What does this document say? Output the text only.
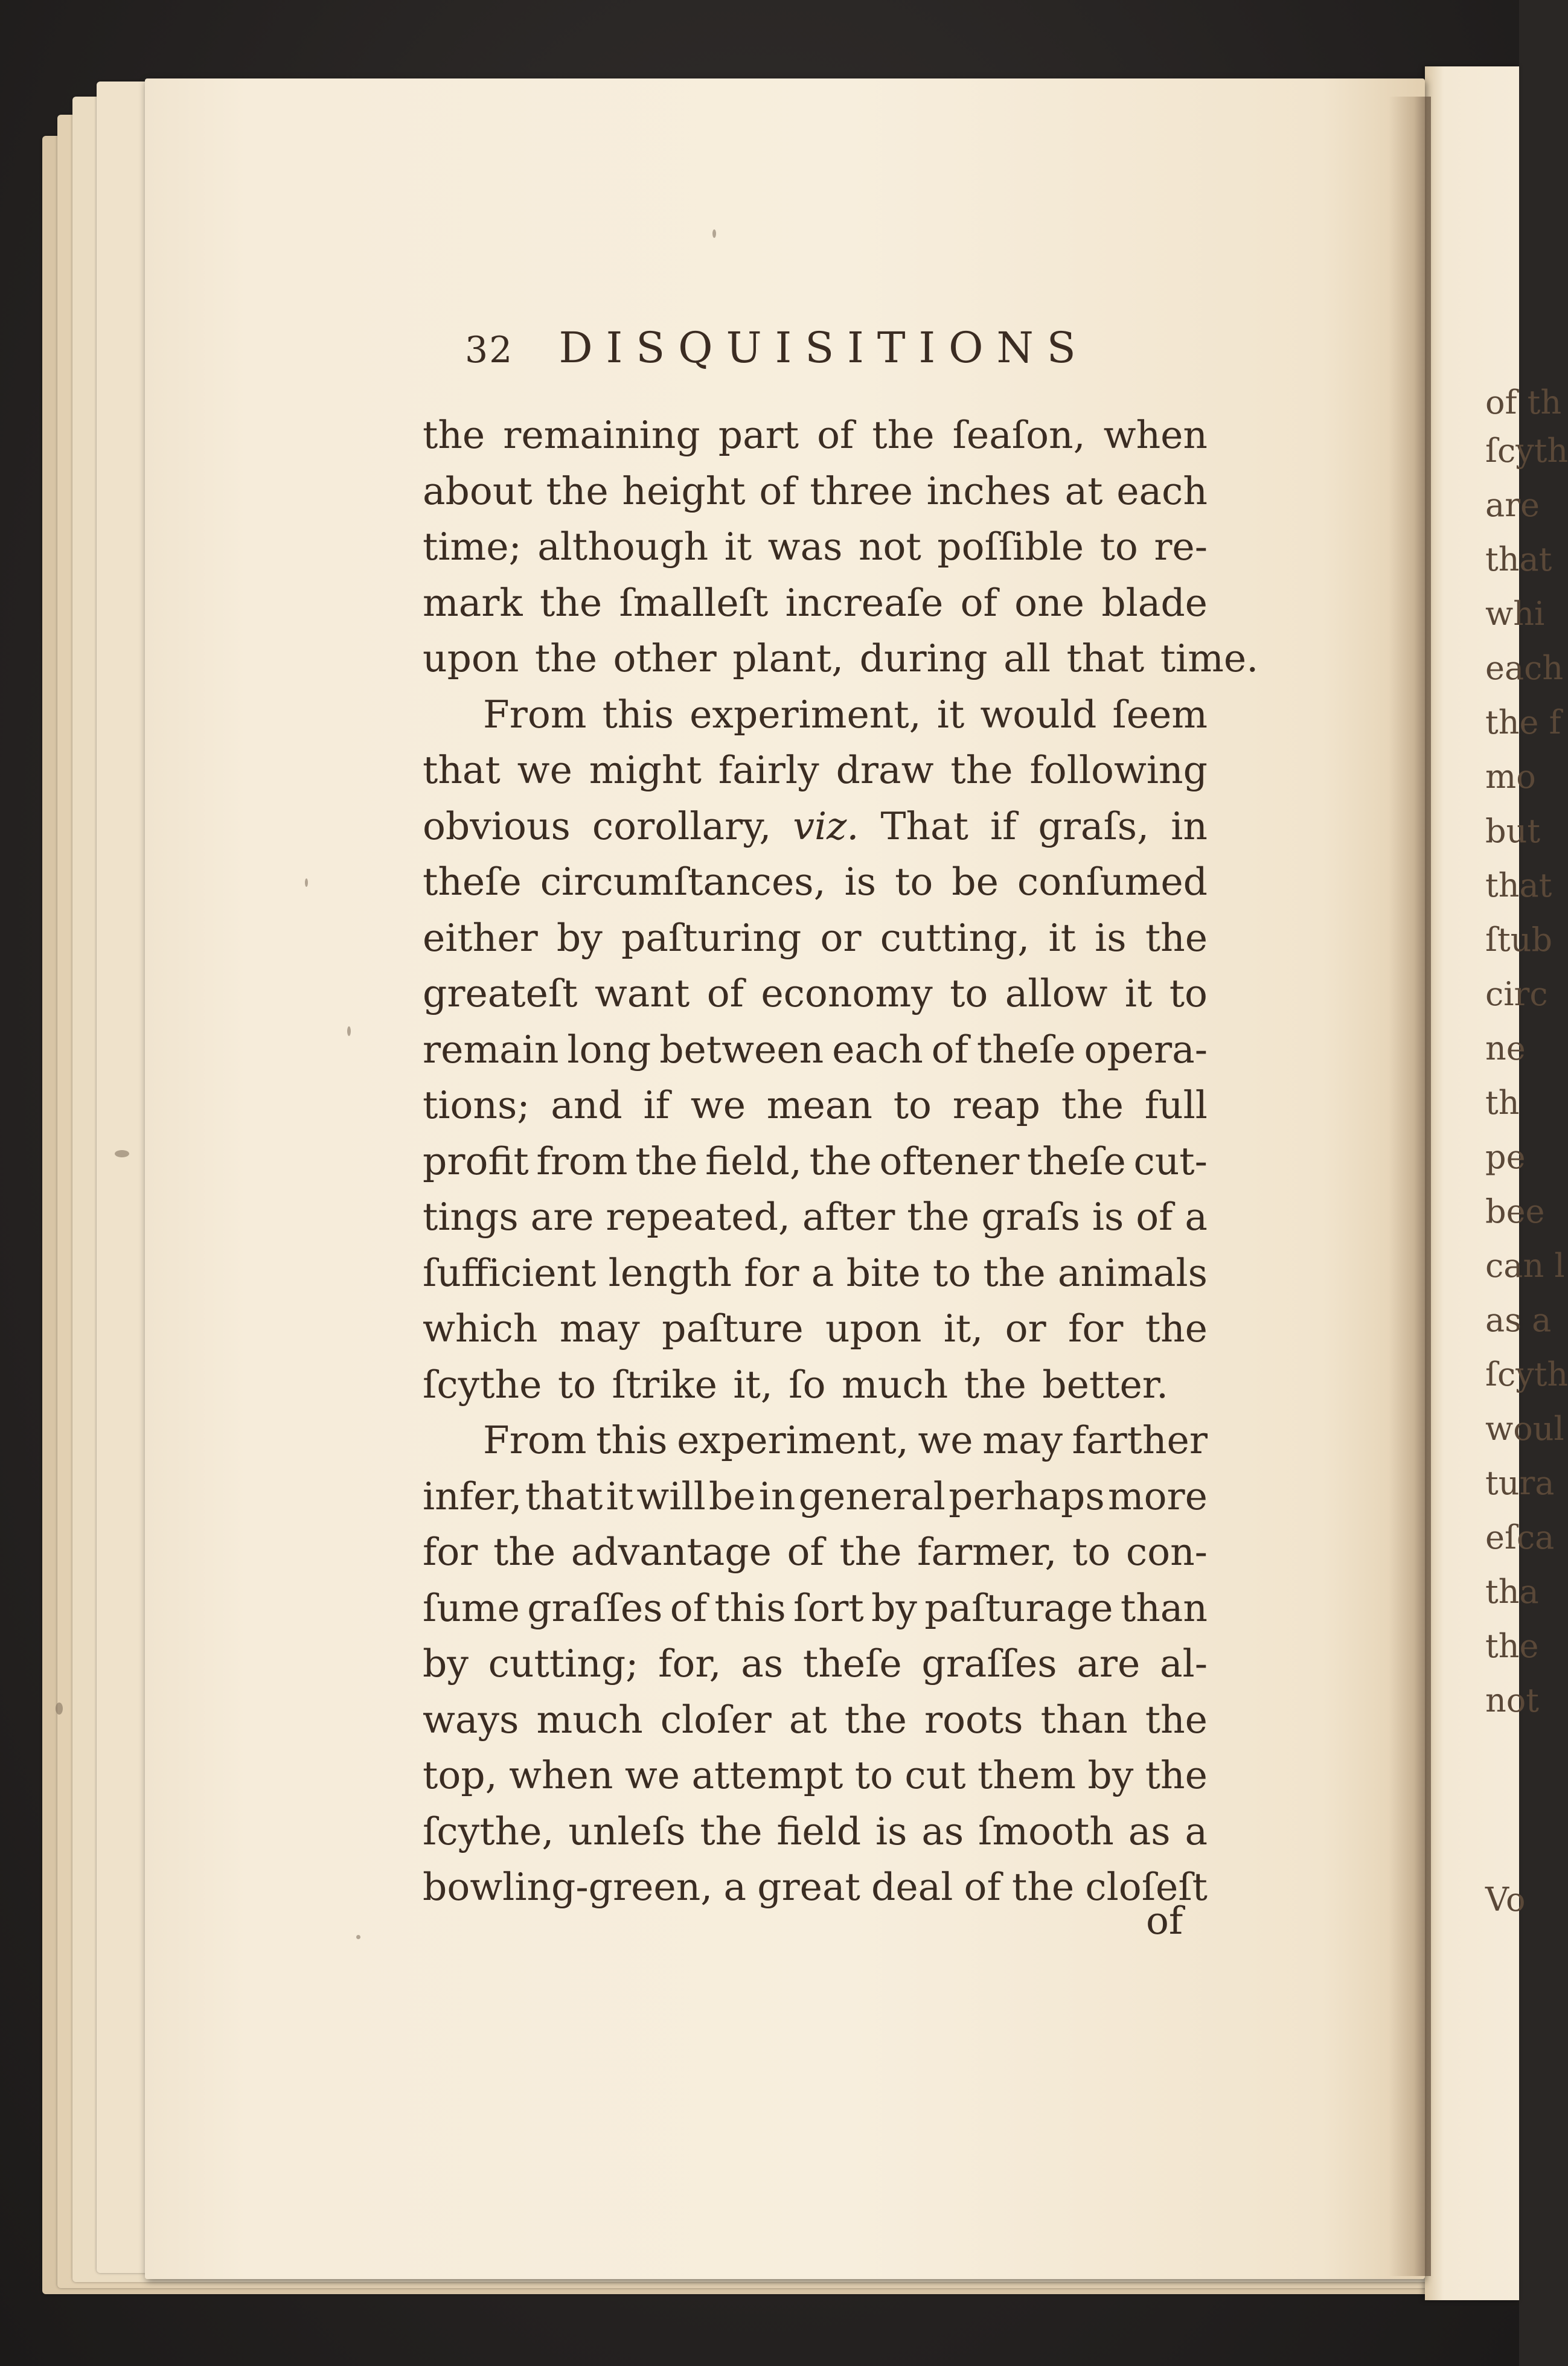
of th
ſcyth
are
that
whi
each
the f
mo
but
that
ſtub
circ
ne
th
pe
bee
can l
as a
ſcyth
woul
tura
eſca
tha
the
not
Vo
32 DISQUISITIONS
the remaining part of the ſeaſon, when
about the height of three inches at each
time; although it was not poſſible to re-
mark the ſmalleſt increaſe of one blade
upon the other plant, during all that time.
From this experiment, it would ſeem
that we might fairly draw the following
obvious corollary, viz. That if graſs, in
theſe circumſtances, is to be conſumed
either by paſturing or cutting, it is the
greateſt want of economy to allow it to
remain long between each of theſe opera-
tions; and if we mean to reap the full
profit from the field, the oftener theſe cut-
tings are repeated, after the graſs is of a
ſufficient length for a bite to the animals
which may paſture upon it, or for the
ſcythe to ſtrike it, ſo much the better.
From this experiment, we may farther
infer, that it will be in general perhaps more
for the advantage of the farmer, to con-
ſume graſſes of this ſort by paſturage than
by cutting; for, as theſe graſſes are al-
ways much cloſer at the roots than the
top, when we attempt to cut them by the
ſcythe, unleſs the field is as ſmooth as a
bowling-green, a great deal of the cloſeſt
of
